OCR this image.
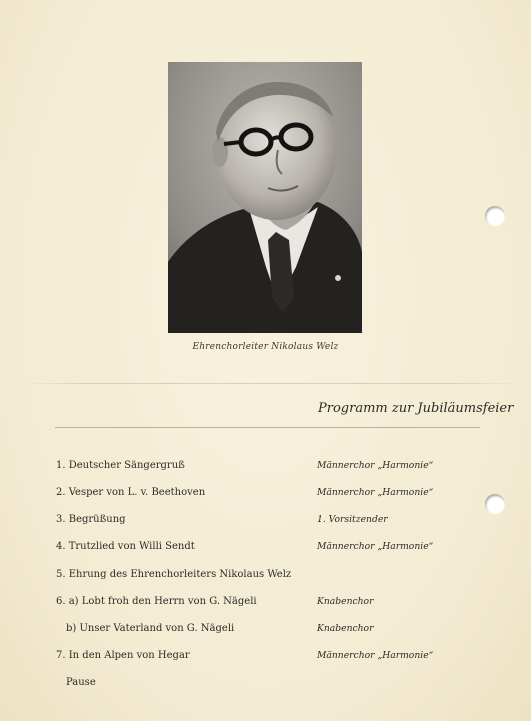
Ehrenchorleiter Nikolaus Welz
Programm zur Jubiläumsfeier
1. Deutscher Sängergruß	Männerchor „Harmonie“
2. Vesper von L. v. Beethoven	Männerchor „Harmonie“
3. Begrüßung	1. Vorsitzender
4. Trutzlied von Willi Sendt	Männerchor „Harmonie“
5. Ehrung des Ehrenchorleiters Nikolaus Welz
6. a) Lobt froh den Herrn von G. Nägeli	Knabenchor
b) Unser Vaterland von G. Nägeli	Knabenchor
7. In den Alpen von Hegar	Männerchor „Harmonie“
Pause
